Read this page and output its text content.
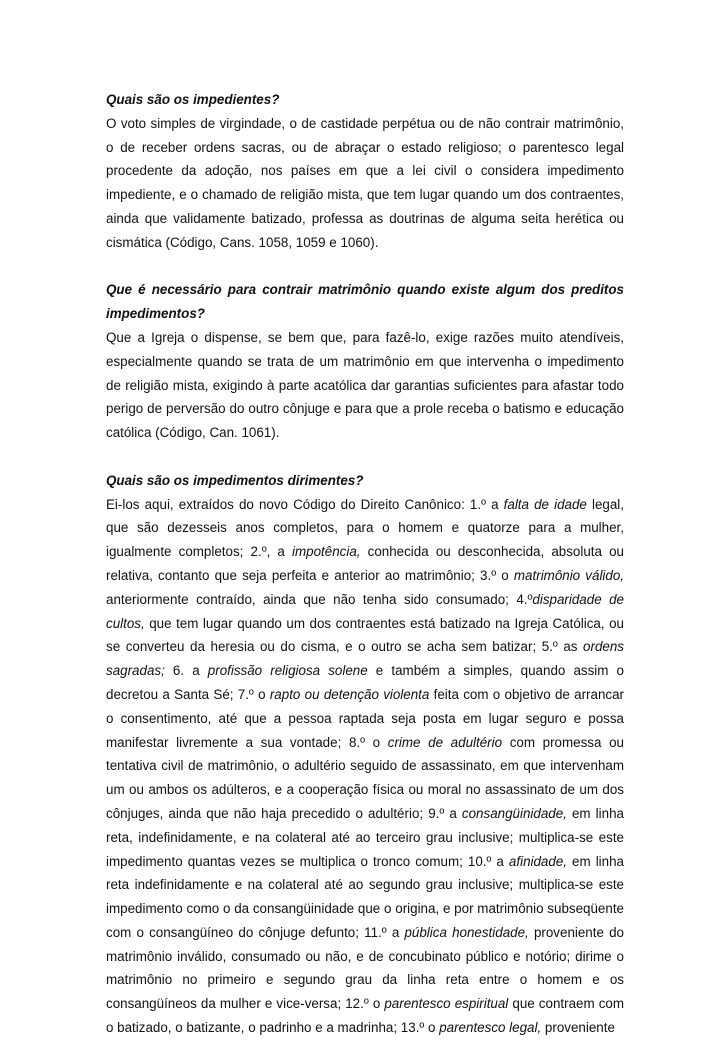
Quais são os impedientes?
O voto simples de virgindade, o de castidade perpétua ou de não contrair matrimônio, o de receber ordens sacras, ou de abraçar o estado religioso; o parentesco legal procedente da adoção, nos países em que a lei civil o considera impedimento impediente, e o chamado de religião mista, que tem lugar quando um dos contraentes, ainda que validamente batizado, professa as doutrinas de alguma seita herética ou cismática (Código, Cans. 1058, 1059 e 1060).
Que é necessário para contrair matrimônio quando existe algum dos preditos impedimentos?
Que a Igreja o dispense, se bem que, para fazê-lo, exige razões muito atendíveis, especialmente quando se trata de um matrimônio em que intervenha o impedimento de religião mista, exigindo à parte acatólica dar garantias suficientes para afastar todo perigo de perversão do outro cônjuge e para que a prole receba o batismo e educação católica (Código, Can. 1061).
Quais são os impedimentos dirimentes?
Ei-los aqui, extraídos do novo Código do Direito Canônico: 1.º a falta de idade legal, que são dezesseis anos completos, para o homem e quatorze para a mulher, igualmente completos; 2.º, a impotência, conhecida ou desconhecida, absoluta ou relativa, contanto que seja perfeita e anterior ao matrimônio; 3.º o matrimônio válido, anteriormente contraído, ainda que não tenha sido consumado; 4.ºdisparidade de cultos, que tem lugar quando um dos contraentes está batizado na Igreja Católica, ou se converteu da heresia ou do cisma, e o outro se acha sem batizar; 5.º as ordens sagradas; 6. a profissão religiosa solene e também a simples, quando assim o decretou a Santa Sé; 7.º o rapto ou detenção violenta feita com o objetivo de arrancar o consentimento, até que a pessoa raptada seja posta em lugar seguro e possa manifestar livremente a sua vontade; 8.º o crime de adultério com promessa ou tentativa civil de matrimônio, o adultério seguido de assassinato, em que intervenham um ou ambos os adúlteros, e a cooperação física ou moral no assassinato de um dos cônjuges, ainda que não haja precedido o adultério; 9.º a consangüinidade, em linha reta, indefinidamente, e na colateral até ao terceiro grau inclusive; multiplica-se este impedimento quantas vezes se multiplica o tronco comum; 10.º a afinidade, em linha reta indefinidamente e na colateral até ao segundo grau inclusive; multiplica-se este impedimento como o da consangüinidade que o origina, e por matrimônio subseqüente com o consangüíneo do cônjuge defunto; 11.º a pública honestidade, proveniente do matrimônio inválido, consumado ou não, e de concubinato público e notório; dirime o matrimônio no primeiro e segundo grau da linha reta entre o homem e os consangüíneos da mulher e vice-versa; 12.º o parentesco espiritual que contraem com o batizado, o batizante, o padrinho e a madrinha; 13.º o parentesco legal, proveniente
